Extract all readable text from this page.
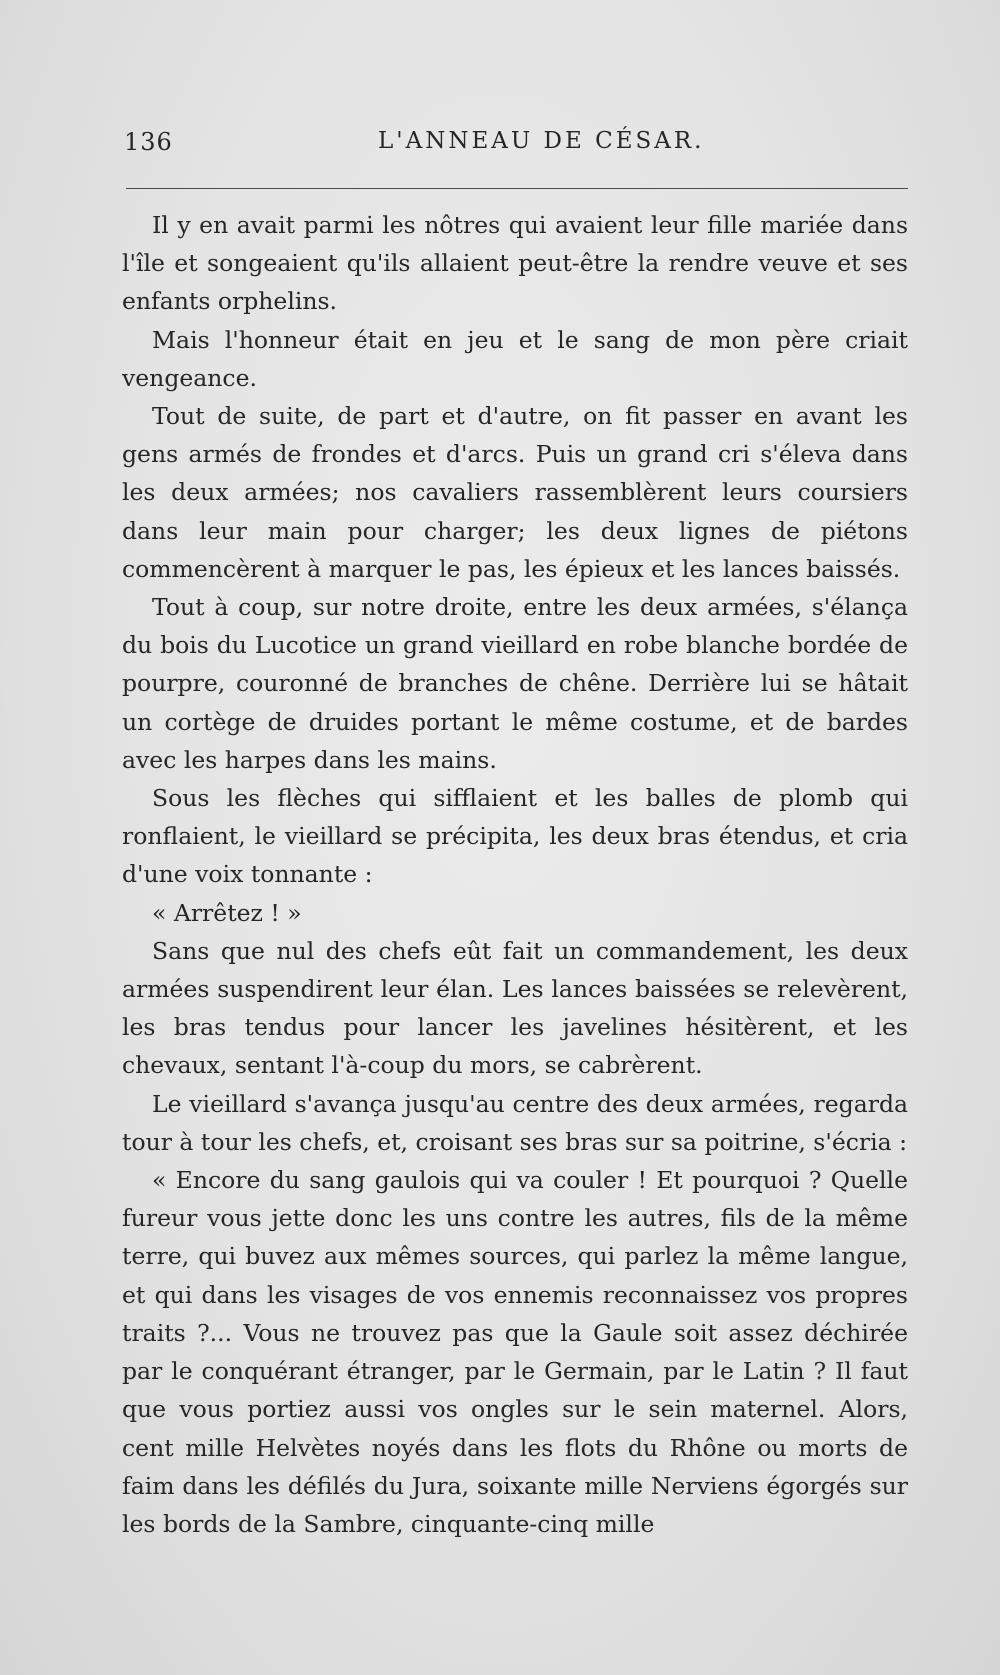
136	L'ANNEAU DE CÉSAR.

Il y en avait parmi les nôtres qui avaient leur fille mariée dans l'île et songeaient qu'ils allaient peut-être la rendre veuve et ses enfants orphelins.

Mais l'honneur était en jeu et le sang de mon père criait vengeance.

Tout de suite, de part et d'autre, on fit passer en avant les gens armés de frondes et d'arcs. Puis un grand cri s'éleva dans les deux armées; nos cavaliers rassemblèrent leurs coursiers dans leur main pour charger; les deux lignes de piétons commencèrent à marquer le pas, les épieux et les lances baissés.

Tout à coup, sur notre droite, entre les deux armées, s'élança du bois du Lucotice un grand vieillard en robe blanche bordée de pourpre, couronné de branches de chêne. Derrière lui se hâtait un cortège de druides portant le même costume, et de bardes avec les harpes dans les mains.

Sous les flèches qui sifflaient et les balles de plomb qui ronflaient, le vieillard se précipita, les deux bras étendus, et cria d'une voix tonnante :

« Arrêtez ! »

Sans que nul des chefs eût fait un commandement, les deux armées suspendirent leur élan. Les lances baissées se relevèrent, les bras tendus pour lancer les javelines hésitèrent, et les chevaux, sentant l'à-coup du mors, se cabrèrent.

Le vieillard s'avança jusqu'au centre des deux armées, regarda tour à tour les chefs, et, croisant ses bras sur sa poitrine, s'écria :

« Encore du sang gaulois qui va couler ! Et pourquoi ? Quelle fureur vous jette donc les uns contre les autres, fils de la même terre, qui buvez aux mêmes sources, qui parlez la même langue, et qui dans les visages de vos ennemis reconnaissez vos propres traits ?... Vous ne trouvez pas que la Gaule soit assez déchirée par le conquérant étranger, par le Germain, par le Latin ? Il faut que vous portiez aussi vos ongles sur le sein maternel. Alors, cent mille Helvètes noyés dans les flots du Rhône ou morts de faim dans les défilés du Jura, soixante mille Nerviens égorgés sur les bords de la Sambre, cinquante-cinq mille
